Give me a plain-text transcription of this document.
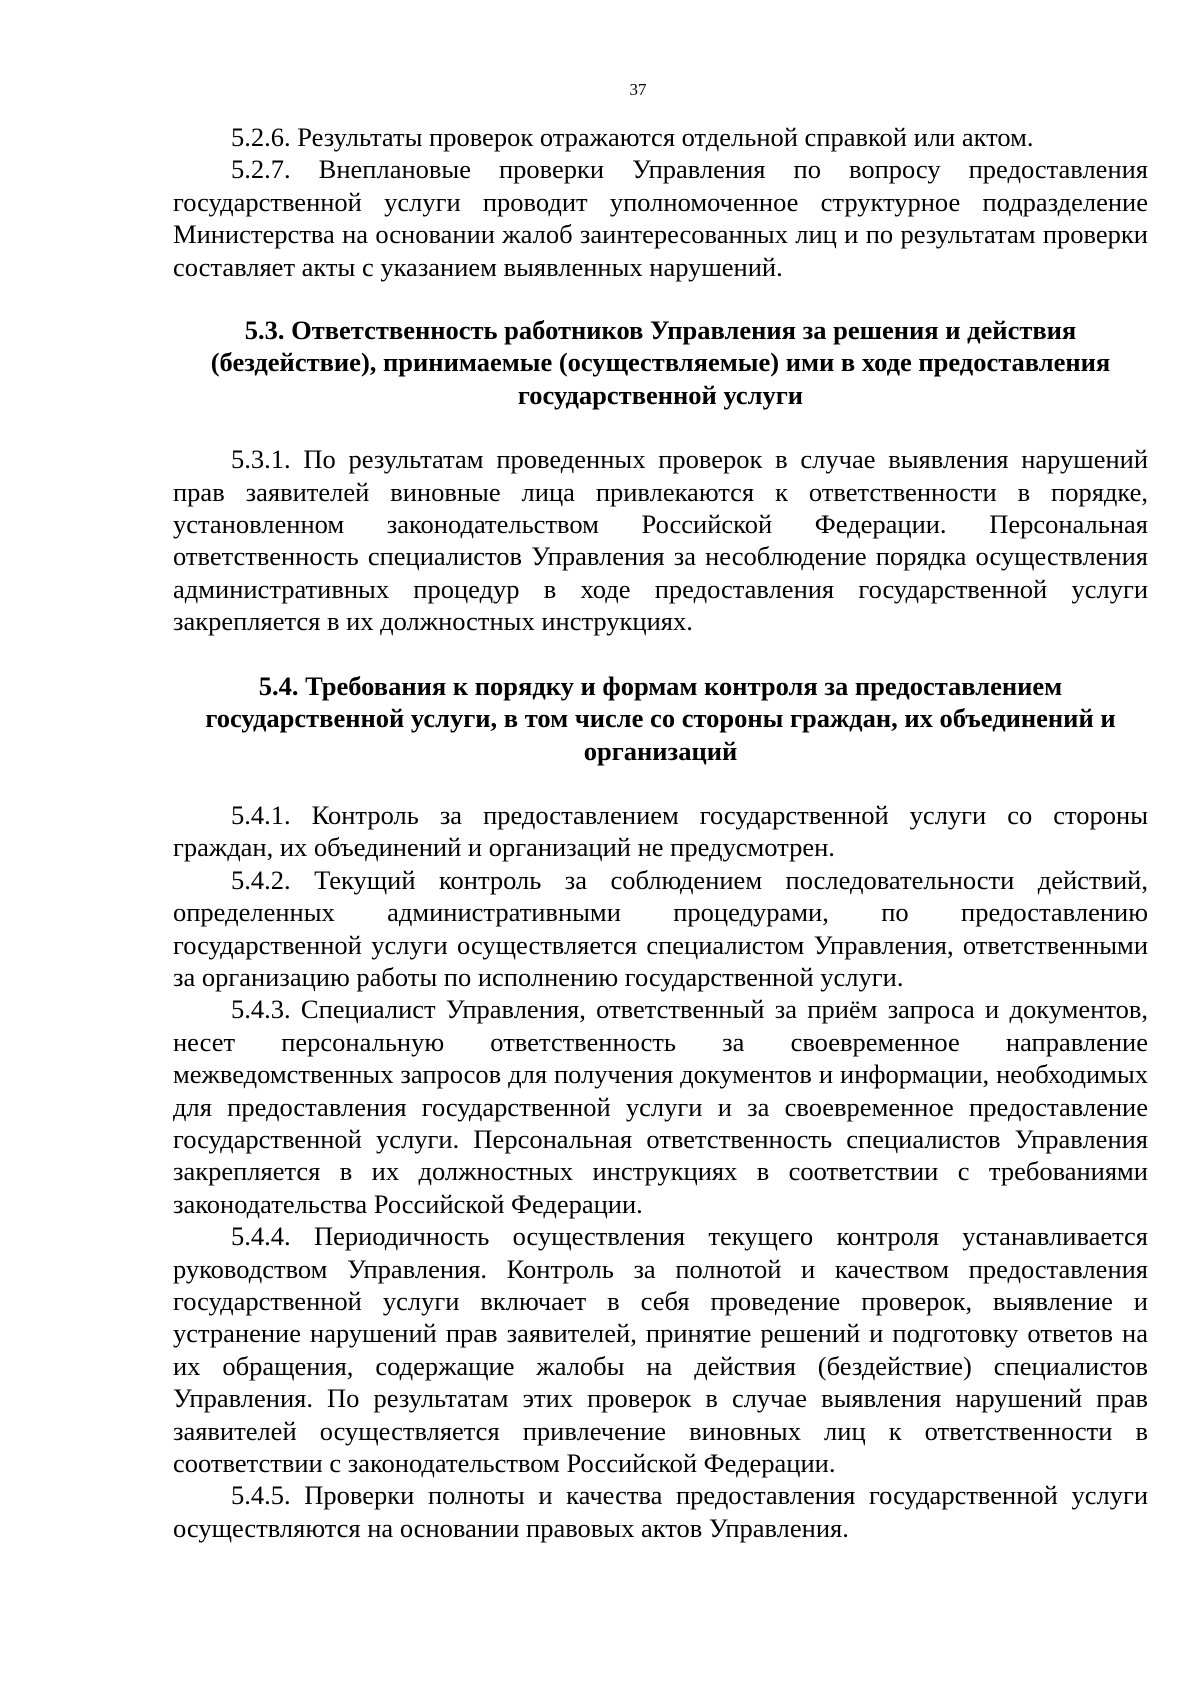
37

5.2.6. Результаты проверок отражаются отдельной справкой или актом.

5.2.7. Внеплановые проверки Управления по вопросу предоставления государственной услуги проводит уполномоченное структурное подразделение Министерства на основании жалоб заинтересованных лиц и по результатам проверки составляет акты с указанием выявленных нарушений.

5.3. Ответственность работников Управления за решения и действия (бездействие), принимаемые (осуществляемые) ими в ходе предоставления государственной услуги

5.3.1. По результатам проведенных проверок в случае выявления нарушений прав заявителей виновные лица привлекаются к ответственности в порядке, установленном законодательством Российской Федерации. Персональная ответственность специалистов Управления за несоблюдение порядка осуществления административных процедур в ходе предоставления государственной услуги закрепляется в их должностных инструкциях.

5.4. Требования к порядку и формам контроля за предоставлением государственной услуги, в том числе со стороны граждан, их объединений и организаций

5.4.1. Контроль за предоставлением государственной услуги со стороны граждан, их объединений и организаций не предусмотрен.

5.4.2. Текущий контроль за соблюдением последовательности действий, определенных административными процедурами, по предоставлению государственной услуги осуществляется специалистом Управления, ответственными за организацию работы по исполнению государственной услуги.

5.4.3. Специалист Управления, ответственный за приём запроса и документов, несет персональную ответственность за своевременное направление межведомственных запросов для получения документов и информации, необходимых для предоставления государственной услуги и за своевременное предоставление государственной услуги. Персональная ответственность специалистов Управления закрепляется в их должностных инструкциях в соответствии с требованиями законодательства Российской Федерации.

5.4.4. Периодичность осуществления текущего контроля устанавливается руководством Управления. Контроль за полнотой и качеством предоставления государственной услуги включает в себя проведение проверок, выявление и устранение нарушений прав заявителей, принятие решений и подготовку ответов на их обращения, содержащие жалобы на действия (бездействие) специалистов Управления. По результатам этих проверок в случае выявления нарушений прав заявителей осуществляется привлечение виновных лиц к ответственности в соответствии с законодательством Российской Федерации.

5.4.5. Проверки полноты и качества предоставления государственной услуги осуществляются на основании правовых актов Управления.
